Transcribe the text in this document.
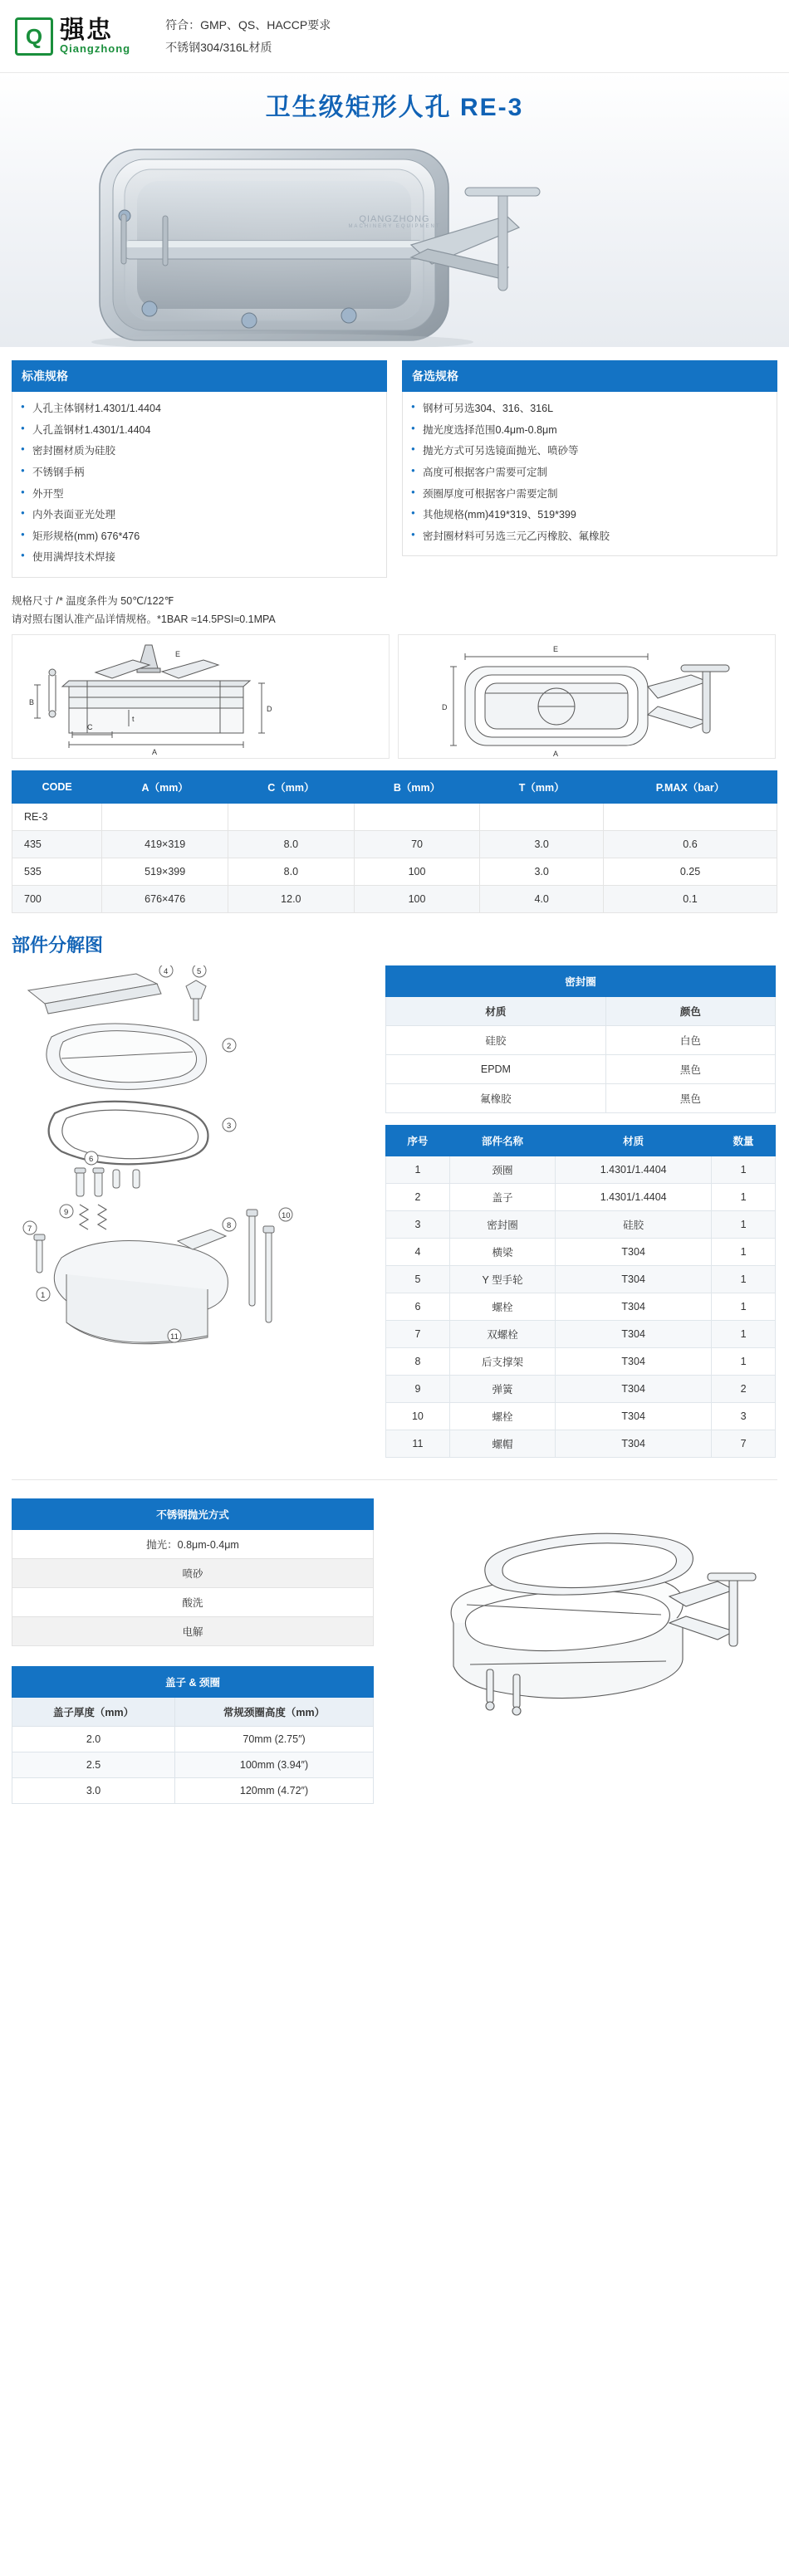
Q 强忠
Qiangzhong
符合：GMP、QS、HACCP要求
不锈钢304/316L材质
卫生级矩形人孔 RE-3
QIANGZHONG
MACHINERY EQUIPMENT
标准规格
● 人孔主体钢材1.4301/1.4404
● 人孔盖钢材1.4301/1.4404
● 密封圈材质为硅胶
● 不锈钢手柄
● 外开型
● 内外表面亚光处理
● 矩形规格(mm) 676*476
● 使用满焊技术焊接
备选规格
● 钢材可另选304、316、316L
● 抛光度选择范围0.4μm-0.8μm
● 抛光方式可另选镜面抛光、喷砂等
● 高度可根据客户需要可定制
● 颈圈厚度可根据客户需要定制
● 其他规格(mm)419*319、519*399
● 密封圈材料可另选三元乙丙橡胶、氟橡胶
规格尺寸 /* 温度条件为 50℃/122℉
请对照右图认准产品详情规格。*1BAR ≈14.5PSI≈0.1MPA
B
D
A
C
t
E
E
D
A
CODE	A（mm）	C（mm）	B（mm）	T（mm）	P.MAX（bar）
RE-3					
435	419×319	8.0	70	3.0	0.6
535	519×399	8.0	100	3.0	0.25
700	676×476	12.0	100	4.0	0.1
部件分解图
4	5
2
3
6
7	8
9	10
11
1
密封圈	
材质	颜色
硅胶	白色
EPDM	黑色
氟橡胶	黑色
序号	部件名称	材质	数量
1	颈圈	1.4301/1.4404	1
2	盖子	1.4301/1.4404	1
3	密封圈	硅胶	1
4	横梁	T304	1
5	Y 型手轮	T304	1
6	螺栓	T304	1
7	双螺栓	T304	1
8	后支撑架	T304	1
9	弹簧	T304	2
10	螺栓	T304	3
11	螺帽	T304	7
不锈钢抛光方式
抛光：0.8μm-0.4μm
喷砂
酸洗
电解
盖子 & 颈圈	
盖子厚度（mm）	常规颈圈高度（mm）
2.0	70mm (2.75″)
2.5	100mm (3.94″)
3.0	120mm (4.72″)
